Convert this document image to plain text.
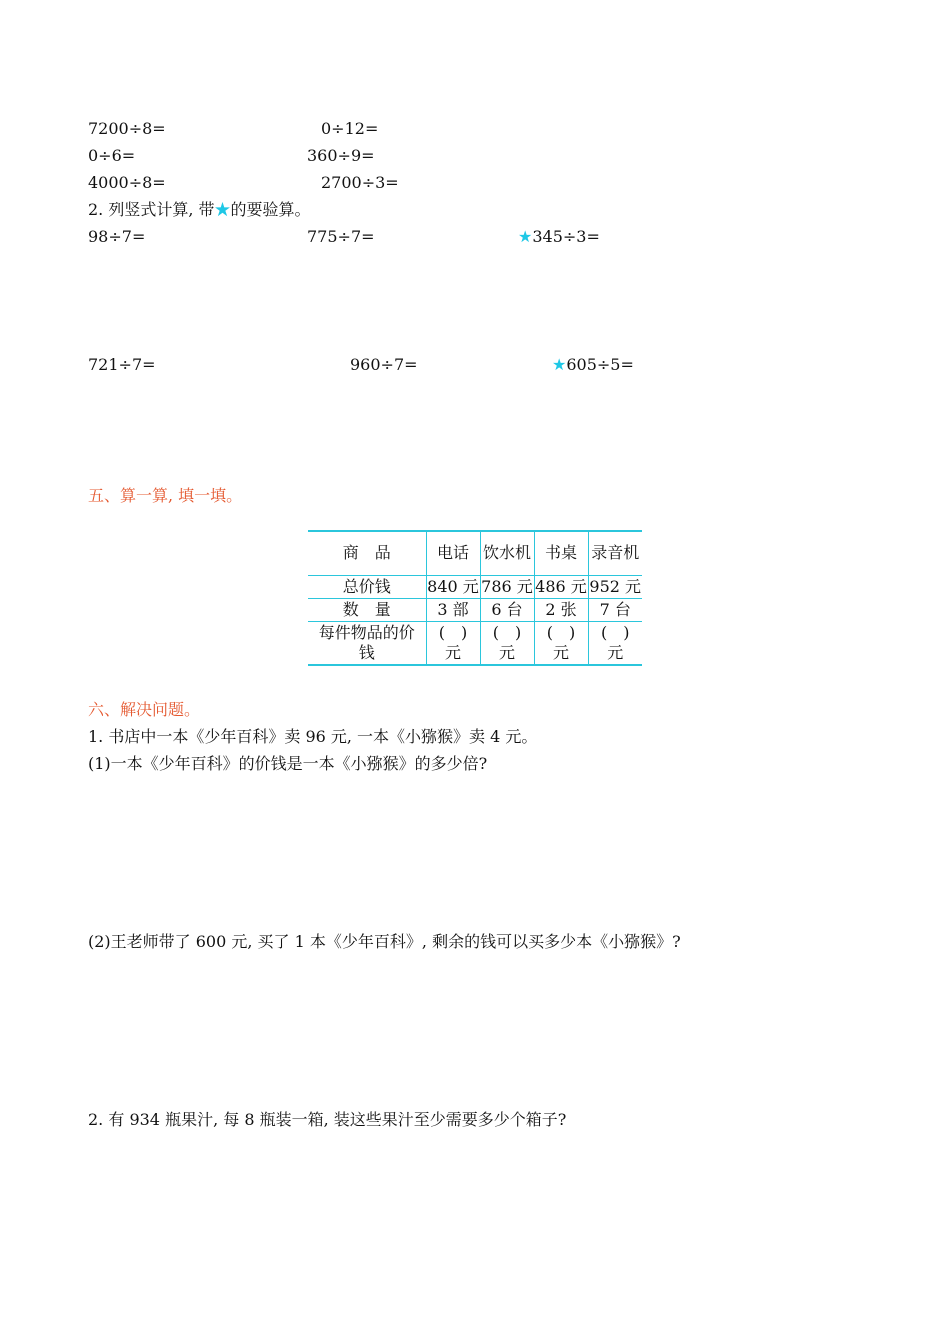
7200÷8=	0÷12=
0÷6=	360÷9=
4000÷8=	2700÷3=
2. 列竖式计算, 带★的要验算。
98÷7=	775÷7=	★345÷3=
721÷7=	960÷7=	★605÷5=
五、算一算, 填一填。
商　品	电话	饮水机	书桌	录音机
总价钱	840 元	786 元	486 元	952 元
数　量	3 部	6 台	2 张	7 台
每件物品的价钱	(　)元	(　)元	(　)元	(　)元
六、解决问题。
1. 书店中一本《少年百科》卖 96 元, 一本《小猕猴》卖 4 元。
(1)一本《少年百科》的价钱是一本《小猕猴》的多少倍?
(2)王老师带了 600 元, 买了 1 本《少年百科》, 剩余的钱可以买多少本《小猕猴》?
2. 有 934 瓶果汁, 每 8 瓶装一箱, 装这些果汁至少需要多少个箱子?
